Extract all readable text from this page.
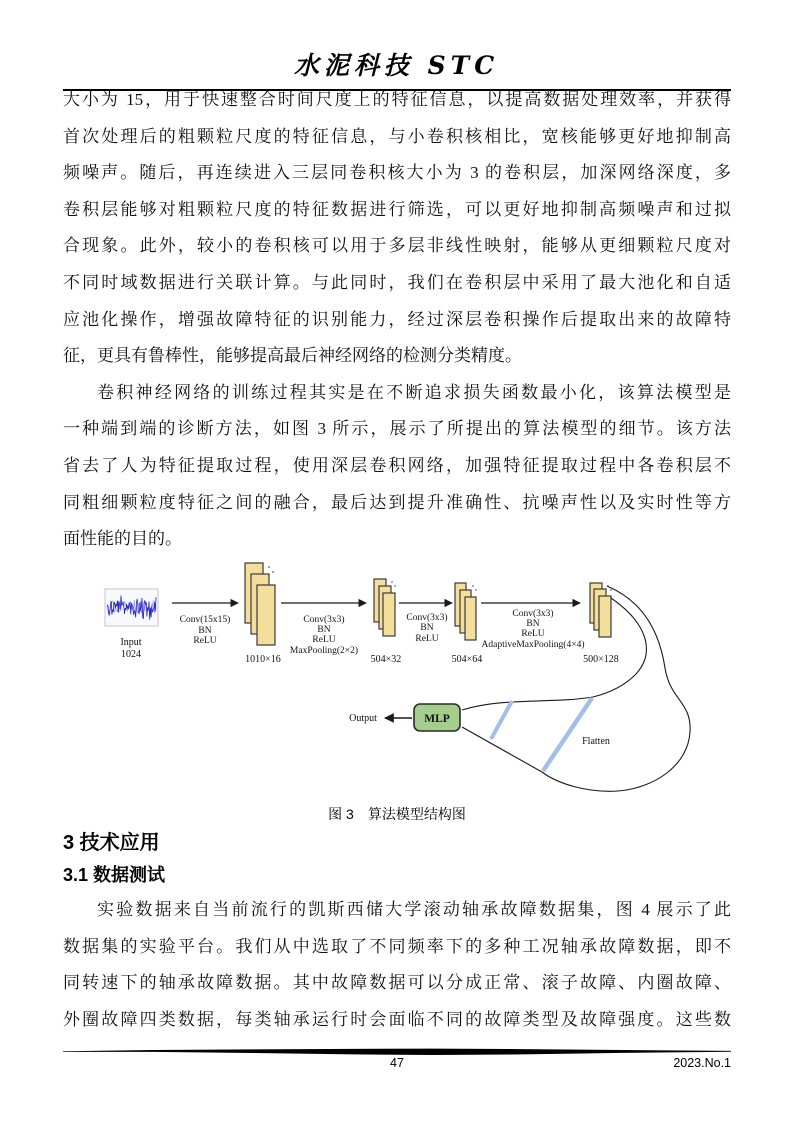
水泥科技 STC
大小为 15，用于快速整合时间尺度上的特征信息，以提高数据处理效率，并获得
首次处理后的粗颗粒尺度的特征信息，与小卷积核相比，宽核能够更好地抑制高
频噪声。随后，再连续进入三层同卷积核大小为 3 的卷积层，加深网络深度，多
卷积层能够对粗颗粒尺度的特征数据进行筛选，可以更好地抑制高频噪声和过拟
合现象。此外，较小的卷积核可以用于多层非线性映射，能够从更细颗粒尺度对
不同时域数据进行关联计算。与此同时，我们在卷积层中采用了最大池化和自适
应池化操作，增强故障特征的识别能力，经过深层卷积操作后提取出来的故障特
征，更具有鲁棒性，能够提高最后神经网络的检测分类精度。
卷积神经网络的训练过程其实是在不断追求损失函数最小化，该算法模型是
一种端到端的诊断方法，如图 3 所示，展示了所提出的算法模型的细节。该方法
省去了人为特征提取过程，使用深层卷积网络，加强特征提取过程中各卷积层不
同粗细颗粒度特征之间的融合，最后达到提升准确性、抗噪声性以及实时性等方
面性能的目的。
Input
1024
Conv(15x15)
BN
ReLU
1010×16
Conv(3x3)
BN
ReLU
MaxPooling(2×2)
504×32
Conv(3x3)
BN
ReLU
504×64
Conv(3x3)
BN
ReLU
AdaptiveMaxPooling(4×4)
500×128
Flatten
MLP
Output
图 3　算法模型结构图
3 技术应用
3.1 数据测试
实验数据来自当前流行的凯斯西储大学滚动轴承故障数据集，图 4 展示了此
数据集的实验平台。我们从中选取了不同频率下的多种工况轴承故障数据，即不
同转速下的轴承故障数据。其中故障数据可以分成正常、滚子故障、内圈故障、
外圈故障四类数据，每类轴承运行时会面临不同的故障类型及故障强度。这些数
47	2023.No.1
